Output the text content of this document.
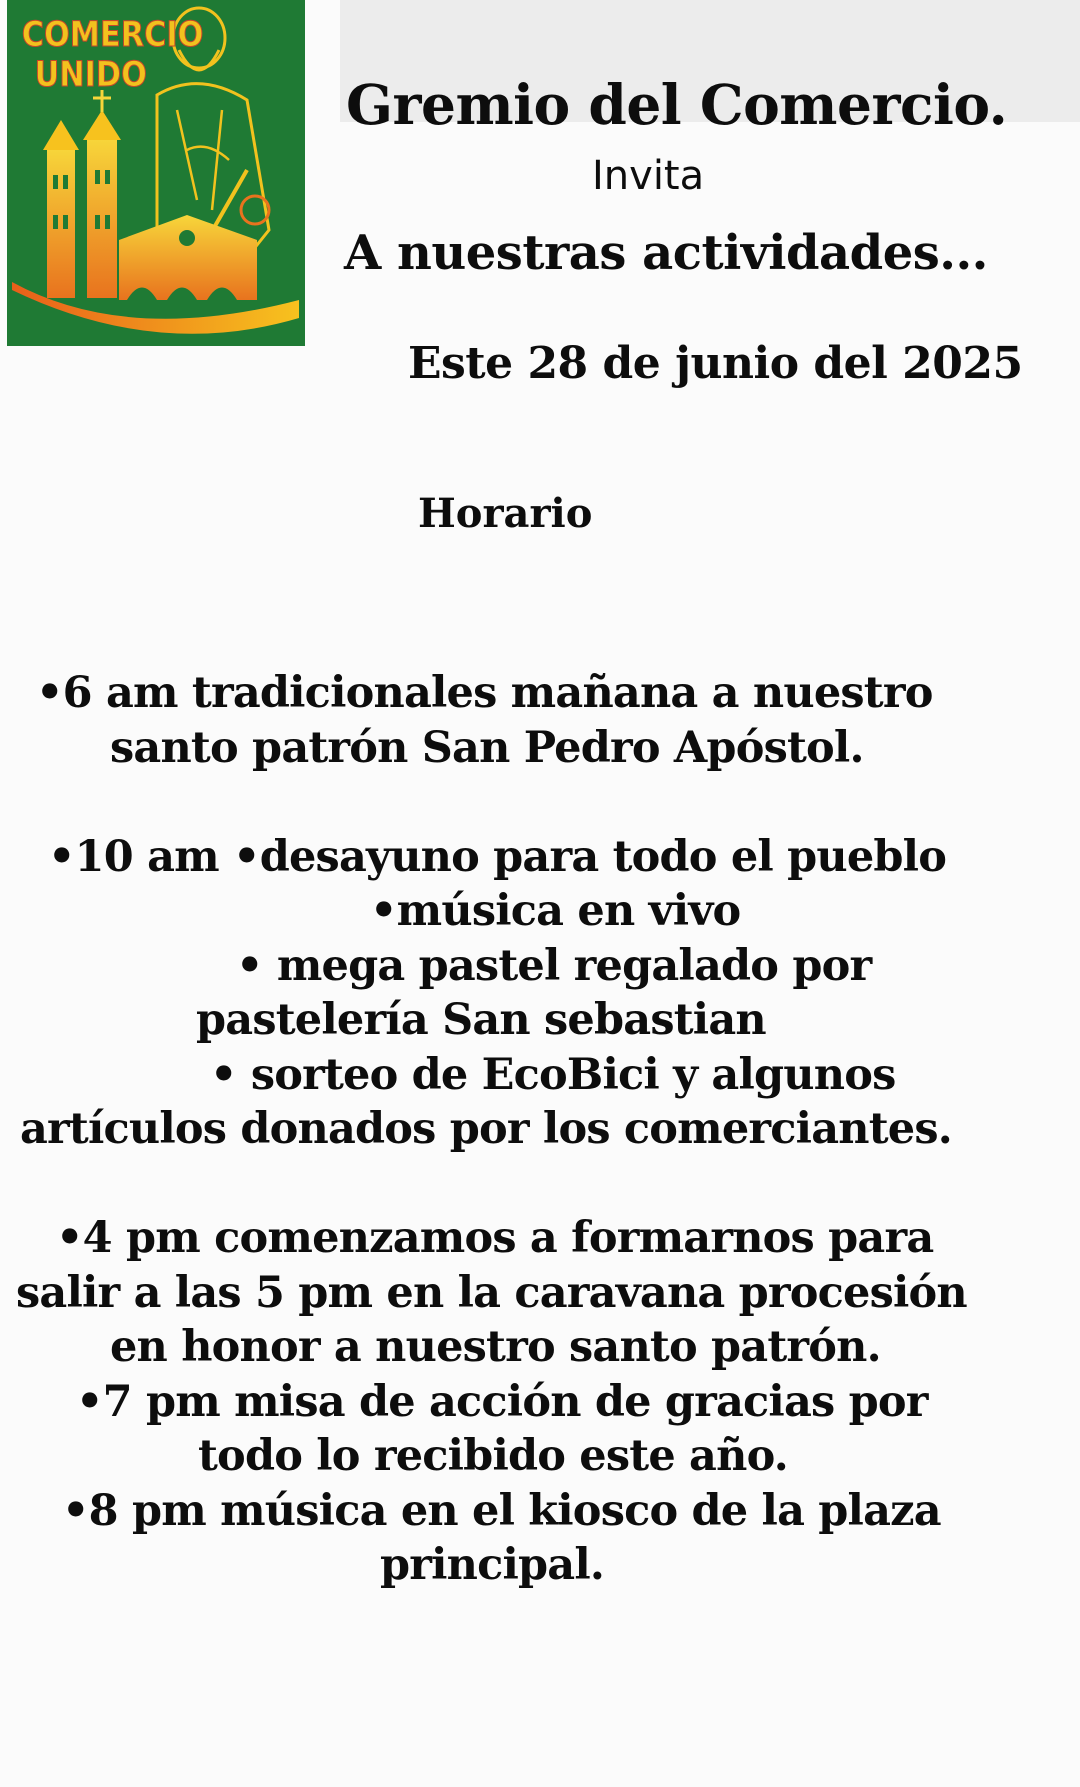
COMERCIO
UNIDO	Gremio del Comercio.
Invita
A nuestras actividades...
Este 28 de junio del 2025
Horario
•6 am tradicionales mañana a nuestro
santo patrón San Pedro Apóstol.
•10 am •desayuno para todo el pueblo
•música en vivo
• mega pastel regalado por
pastelería San sebastian
• sorteo de EcoBici y algunos
artículos donados por los comerciantes.
•4 pm comenzamos a formarnos para
salir a las 5 pm en la caravana procesión
en honor a nuestro santo patrón.
•7 pm misa de acción de gracias por
todo lo recibido este año.
•8 pm música en el kiosco de la plaza
principal.
